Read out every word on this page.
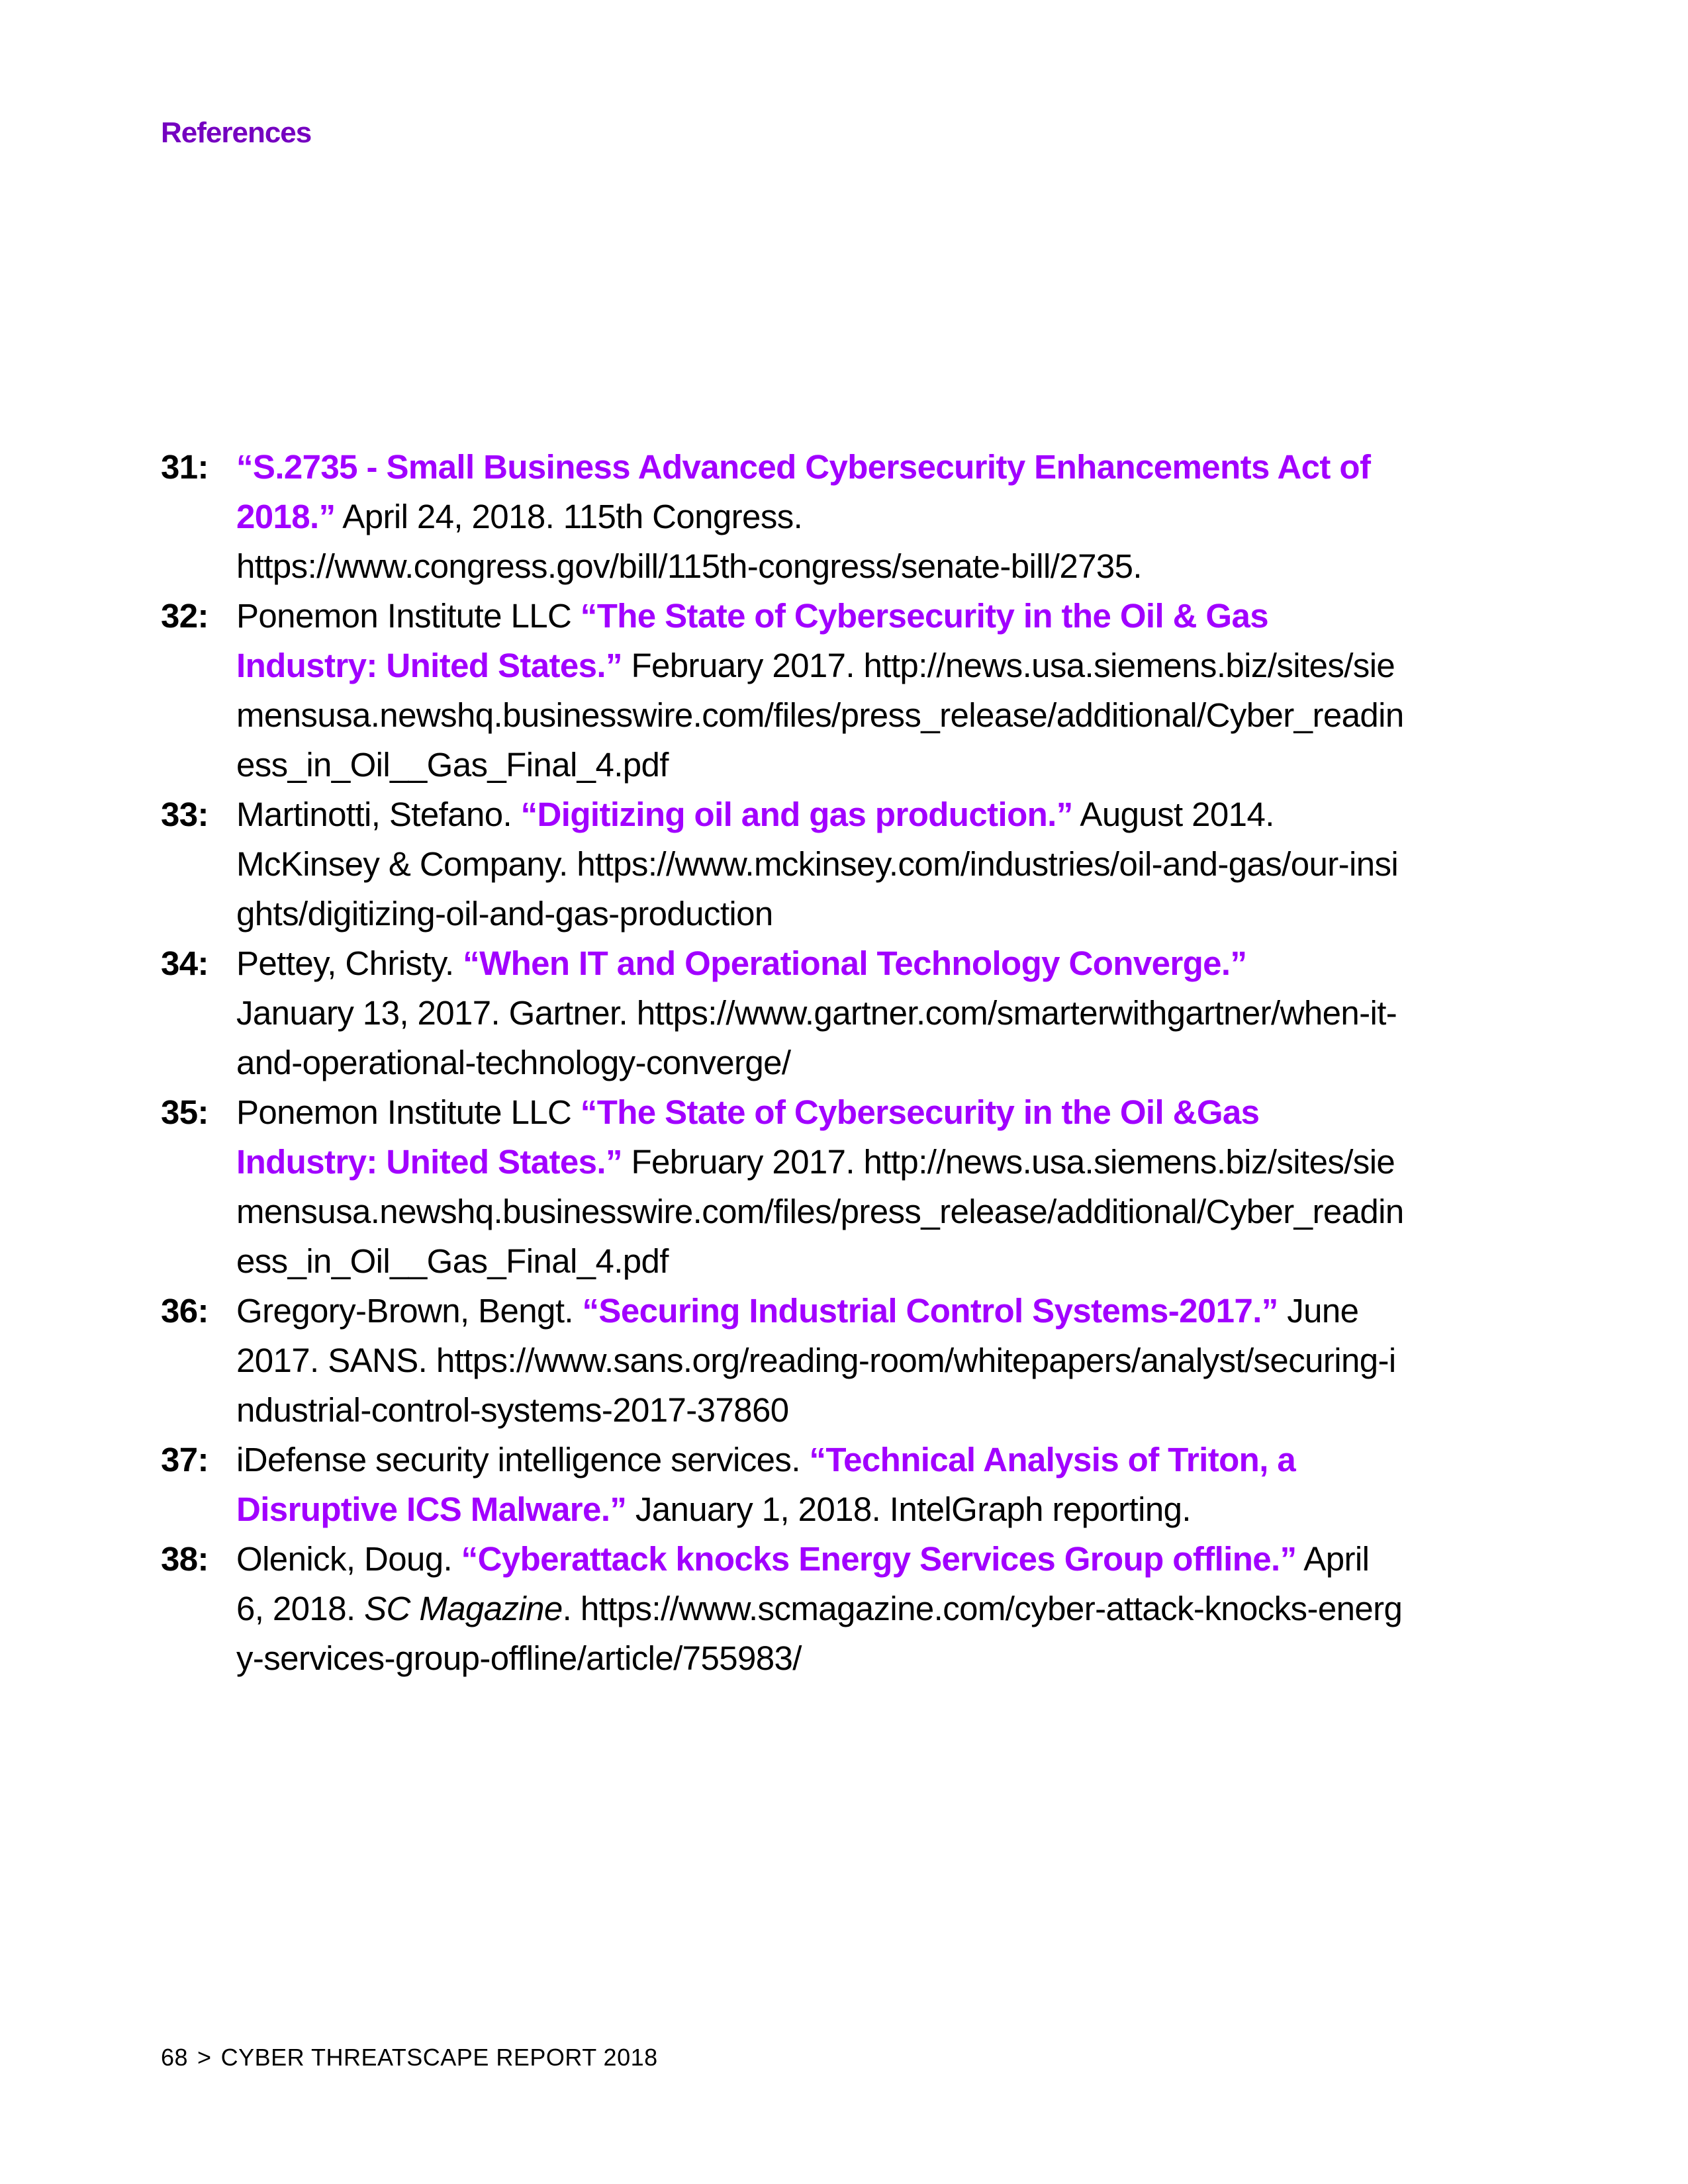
References
31: “S.2735 - Small Business Advanced Cybersecurity Enhancements Act of 2018.” April 24, 2018. 115th Congress.
https://www.congress.gov/bill/115th-congress/senate-bill/2735.
32: Ponemon Institute LLC “The State of Cybersecurity in the Oil & Gas Industry: United States.” February 2017. http://news.usa.siemens.biz/sites/siemensusa.newshq.businesswire.com/files/press_release/additional/Cyber_readiness_in_Oil__Gas_Final_4.pdf
33: Martinotti, Stefano. “Digitizing oil and gas production.” August 2014. McKinsey & Company. https://www.mckinsey.com/industries/oil-and-gas/our-insights/digitizing-oil-and-gas-production
34: Pettey, Christy. “When IT and Operational Technology Converge.”
January 13, 2017. Gartner. https://www.gartner.com/smarterwithgartner/when-it-and-operational-technology-converge/
35: Ponemon Institute LLC “The State of Cybersecurity in the Oil &Gas Industry: United States.” February 2017. http://news.usa.siemens.biz/sites/siemensusa.newshq.businesswire.com/files/press_release/additional/Cyber_readiness_in_Oil__Gas_Final_4.pdf
36: Gregory-Brown, Bengt. “Securing Industrial Control Systems-2017.” June 2017. SANS. https://www.sans.org/reading-room/whitepapers/analyst/securing-industrial-control-systems-2017-37860
37: iDefense security intelligence services. “Technical Analysis of Triton, a Disruptive ICS Malware.” January 1, 2018. IntelGraph reporting.
38: Olenick, Doug. “Cyberattack knocks Energy Services Group offline.” April 6, 2018. SC Magazine. https://www.scmagazine.com/cyber-attack-knocks-energy-services-group-offline/article/755983/
68 > CYBER THREATSCAPE REPORT 2018
